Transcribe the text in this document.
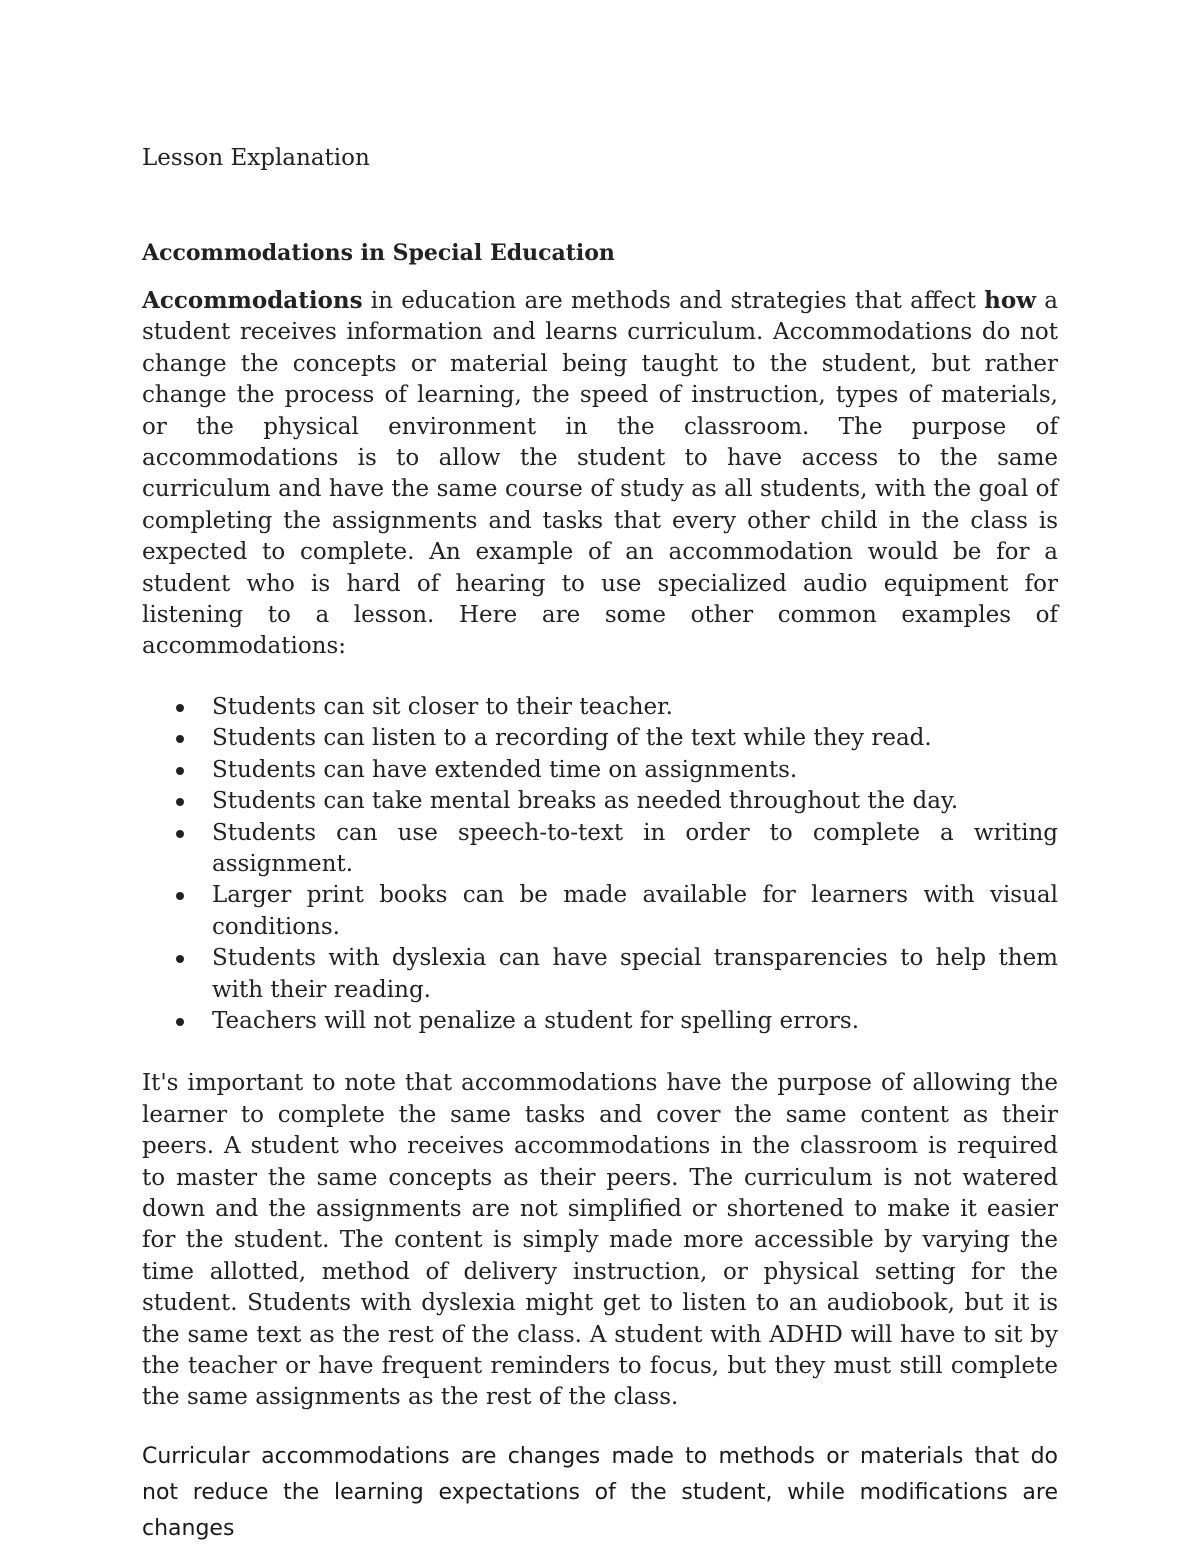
Lesson Explanation

Accommodations in Special Education

Accommodations in education are methods and strategies that affect how a student receives information and learns curriculum. Accommodations do not change the concepts or material being taught to the student, but rather change the process of learning, the speed of instruction, types of materials, or the physical environment in the classroom. The purpose of accommodations is to allow the student to have access to the same curriculum and have the same course of study as all students, with the goal of completing the assignments and tasks that every other child in the class is expected to complete. An example of an accommodation would be for a student who is hard of hearing to use specialized audio equipment for listening to a lesson. Here are some other common examples of accommodations:

Students can sit closer to their teacher.
Students can listen to a recording of the text while they read.
Students can have extended time on assignments.
Students can take mental breaks as needed throughout the day.
Students can use speech-to-text in order to complete a writing assignment.
Larger print books can be made available for learners with visual conditions.
Students with dyslexia can have special transparencies to help them with their reading.
Teachers will not penalize a student for spelling errors.

It's important to note that accommodations have the purpose of allowing the learner to complete the same tasks and cover the same content as their peers. A student who receives accommodations in the classroom is required to master the same concepts as their peers. The curriculum is not watered down and the assignments are not simplified or shortened to make it easier for the student. The content is simply made more accessible by varying the time allotted, method of delivery instruction, or physical setting for the student. Students with dyslexia might get to listen to an audiobook, but it is the same text as the rest of the class. A student with ADHD will have to sit by the teacher or have frequent reminders to focus, but they must still complete the same assignments as the rest of the class.

Curricular accommodations are changes made to methods or materials that do not reduce the learning expectations of the student, while modifications are changes
